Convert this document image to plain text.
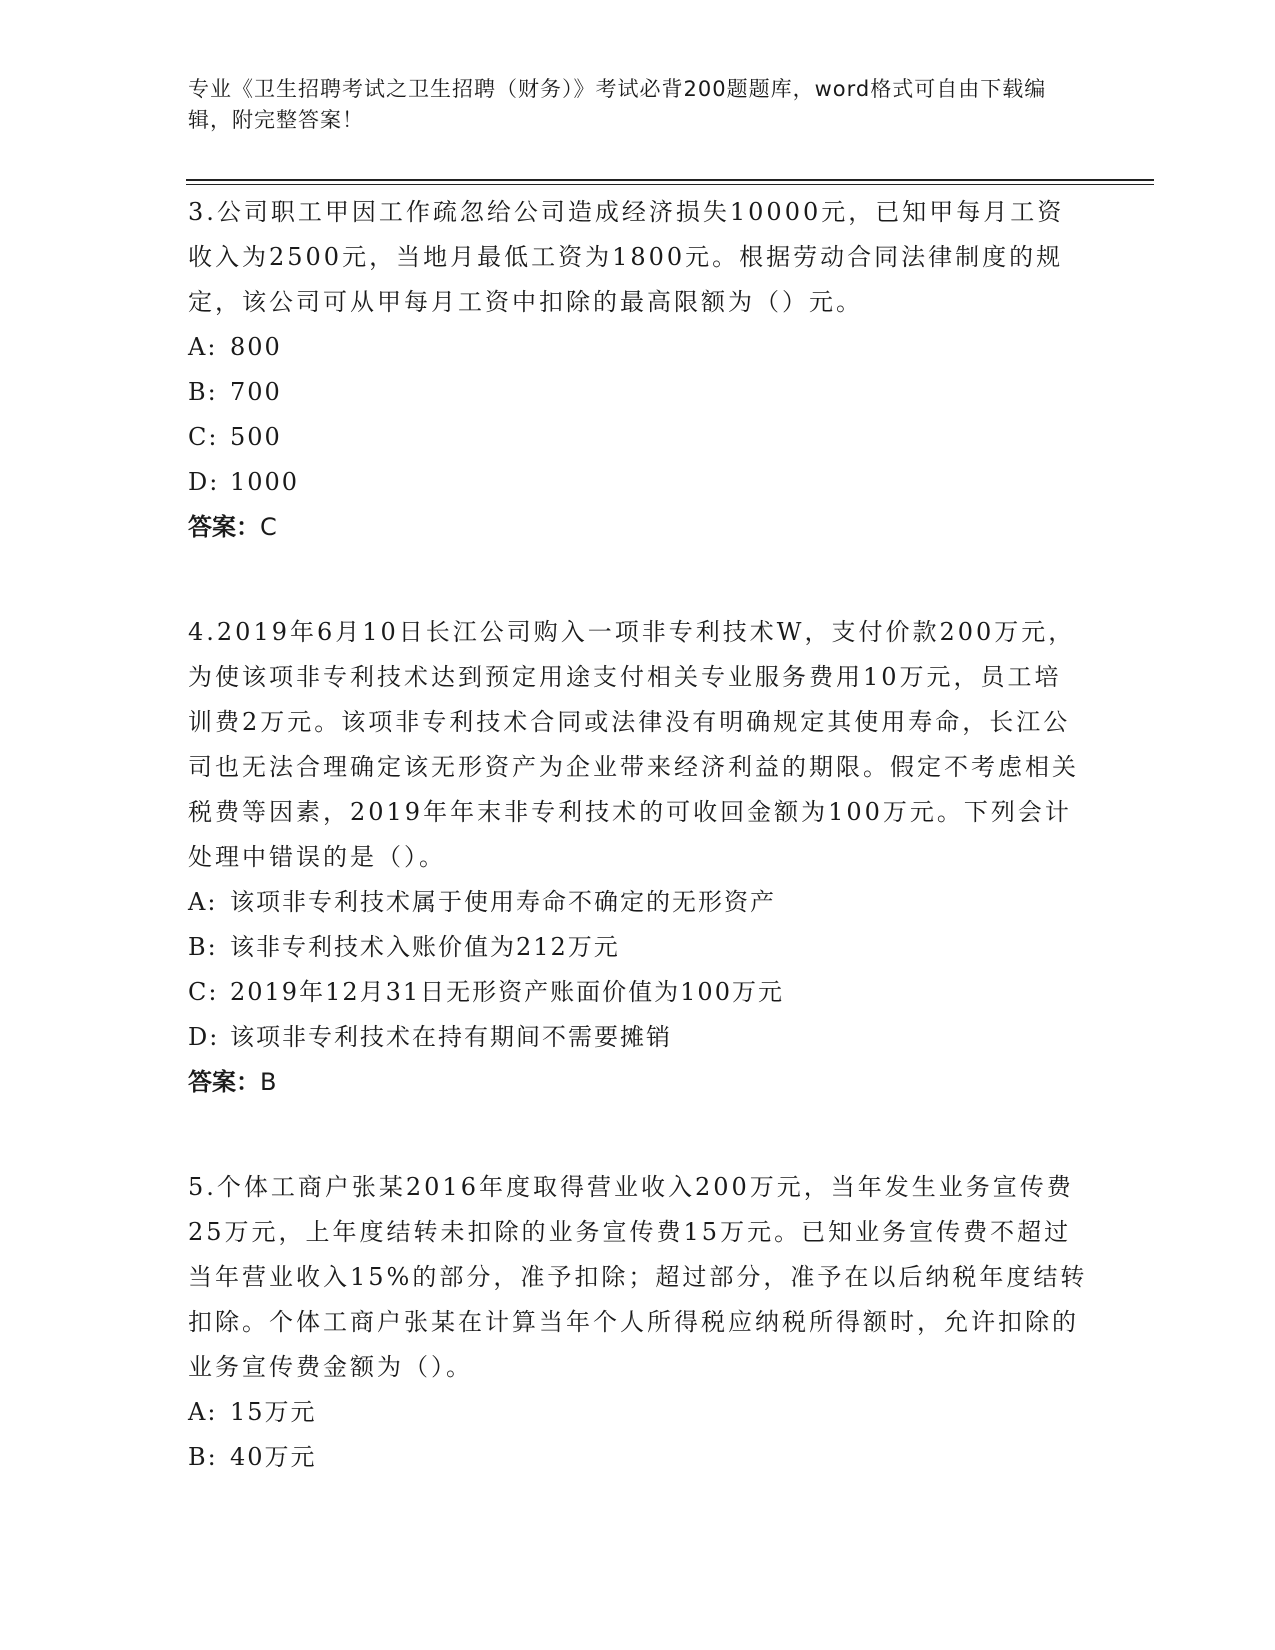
专业《卫生招聘考试之卫生招聘（财务）》考试必背200题题库，word格式可自由下载编辑，附完整答案！

3.公司职工甲因工作疏忽给公司造成经济损失10000元，已知甲每月工资收入为2500元，当地月最低工资为1800元。根据劳动合同法律制度的规定，该公司可从甲每月工资中扣除的最高限额为（）元。

A: 800

B: 700

C: 500

D: 1000

答案：C

4.2019年6月10日长江公司购入一项非专利技术W，支付价款200万元，为使该项非专利技术达到预定用途支付相关专业服务费用10万元，员工培训费2万元。该项非专利技术合同或法律没有明确规定其使用寿命，长江公司也无法合理确定该无形资产为企业带来经济利益的期限。假定不考虑相关税费等因素，2019年年末非专利技术的可收回金额为100万元。下列会计处理中错误的是（）。

A: 该项非专利技术属于使用寿命不确定的无形资产

B: 该非专利技术入账价值为212万元

C: 2019年12月31日无形资产账面价值为100万元

D: 该项非专利技术在持有期间不需要摊销

答案：B

5.个体工商户张某2016年度取得营业收入200万元，当年发生业务宣传费25万元，上年度结转未扣除的业务宣传费15万元。已知业务宣传费不超过当年营业收入15%的部分，准予扣除；超过部分，准予在以后纳税年度结转扣除。个体工商户张某在计算当年个人所得税应纳税所得额时，允许扣除的业务宣传费金额为（）。

A: 15万元

B: 40万元
